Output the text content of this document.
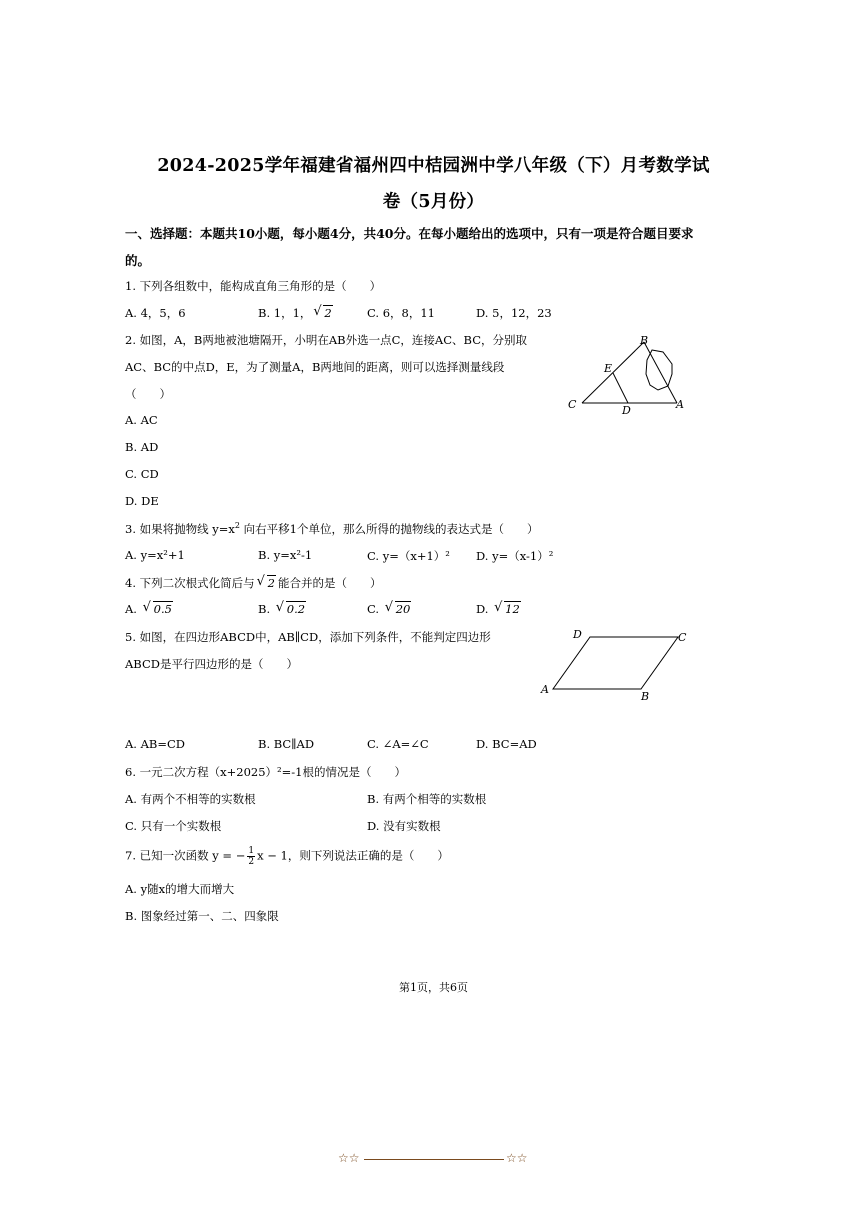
2024-2025学年福建省福州四中桔园洲中学八年级（下）月考数学试
卷（5月份）
一、选择题：本题共10小题，每小题4分，共40分。在每小题给出的选项中，只有一项是符合题目要求
的。
1. 下列各组数中，能构成直角三角形的是（　　）
A. 4，5，6	B. 1，1， √ 2	C. 6，8，11	D. 5，12，23
2. 如图，A，B两地被池塘隔开，小明在AB外选一点C，连接AC、BC，分别取
AC、BC的中点D，E，为了测量A，B两地间的距离，则可以选择测量线段
（　　）
A. AC
B. AD
C. CD
D. DE
B
E
C	D	A
3. 如果将抛物线 $y=x^2$ 向右平移1个单位，那么所得的抛物线的表达式是（　　）
A. y=x²+1	B. y=x²-1	C. y=（x+1）² D. y=（x-1）²
4. 下列二次根式化简后与 √ 2 能合并的是（　　）
A. √ 0.5	B. √ 0.2	C. √ 20	D. √ 12
5. 如图，在四边形ABCD中，AB∥CD，添加下列条件，不能判定四边形
ABCD是平行四边形的是（　　）
A
B
C
D
A. AB=CD	B. BC∥AD	C. ∠A=∠C	D. BC=AD
6. 一元二次方程（x+2025）²=-1根的情况是（　　）
A. 有两个不相等的实数根	B. 有两个相等的实数根
C. 只有一个实数根	D. 没有实数根
7. 已知一次函数 y = − $\frac{1}{2}$ x − 1，则下列说法正确的是（　　）
A. y随x的增大而增大
B. 图象经过第一、二、四象限
第1页，共6页
☆☆	☆☆
